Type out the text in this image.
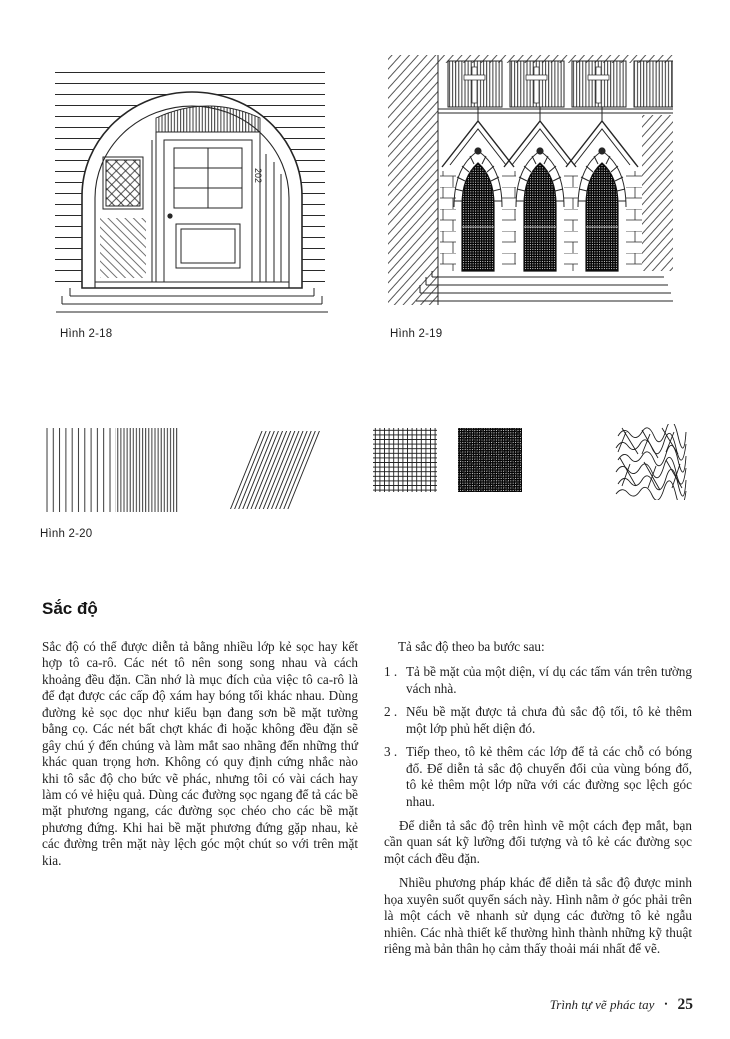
202
Hình 2-18	Hình 2-19
Hình 2-20
Sắc độ

Sắc độ có thể được diễn tả bằng nhiều lớp kẻ sọc hay kết hợp tô ca-rô. Các nét tô nên song song nhau và cách khoảng đều đặn. Cần nhớ là mục đích của việc tô ca-rô là để đạt được các cấp độ xám hay bóng tối khác nhau. Dùng đường kẻ sọc dọc như kiểu bạn đang sơn bề mặt tường bằng cọ. Các nét bất chợt khác đi hoặc không đều đặn sẽ gây chú ý đến chúng và làm mắt sao nhãng đến những thứ khác quan trọng hơn. Không có quy định cứng nhắc nào khi tô sắc độ cho bức vẽ phác, nhưng tôi có vài cách hay làm có vẻ hiệu quả. Dùng các đường sọc ngang để tả các bề mặt phương ngang, các đường sọc chéo cho các bề mặt phương đứng. Khi hai bề mặt phương đứng gặp nhau, kẻ các đường trên mặt này lệch góc một chút so với trên mặt kia.

Tả sắc độ theo ba bước sau:

1 . Tả bề mặt của một diện, ví dụ các tấm ván trên tường vách nhà.
2 . Nếu bề mặt được tả chưa đủ sắc độ tối, tô kẻ thêm một lớp phủ hết diện đó.
3 . Tiếp theo, tô kẻ thêm các lớp để tả các chỗ có bóng đổ. Để diễn tả sắc độ chuyển đổi của vùng bóng đổ, tô kẻ thêm một lớp nữa với các đường sọc lệch góc nhau.

Để diễn tả sắc độ trên hình vẽ một cách đẹp mắt, bạn cần quan sát kỹ lưỡng đối tượng và tô kẻ các đường sọc một cách đều đặn.

Nhiều phương pháp khác để diễn tả sắc độ được minh họa xuyên suốt quyển sách này. Hình nằm ở góc phải trên là một cách vẽ nhanh sử dụng các đường tô kẻ ngẫu nhiên. Các nhà thiết kế thường hình thành những kỹ thuật riêng mà bản thân họ cảm thấy thoải mái nhất để vẽ.

Trình tự vẽ phác tay • 25
